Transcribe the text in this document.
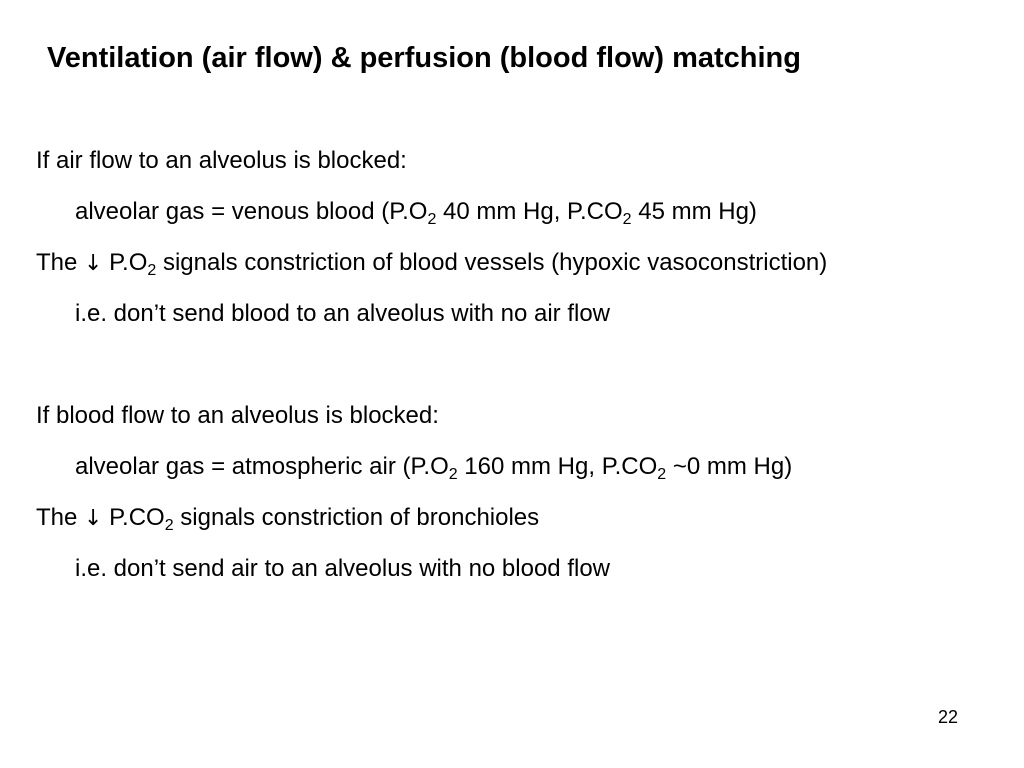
Ventilation (air flow) & perfusion (blood flow) matching
If air flow to an alveolus is blocked:
alveolar gas = venous blood ($P.O_2$ 40 mm Hg, $P.CO_2$ 45 mm Hg)
The ↓ $P.O_2$ signals constriction of blood vessels (hypoxic vasoconstriction)
i.e. don’t send blood to an alveolus with no air flow
If blood flow to an alveolus is blocked:
alveolar gas = atmospheric air ($P.O_2$ 160 mm Hg, $P.CO_2$ ~0 mm Hg)
The ↓ $P.CO_2$ signals constriction of bronchioles
i.e. don’t send air to an alveolus with no blood flow
22
